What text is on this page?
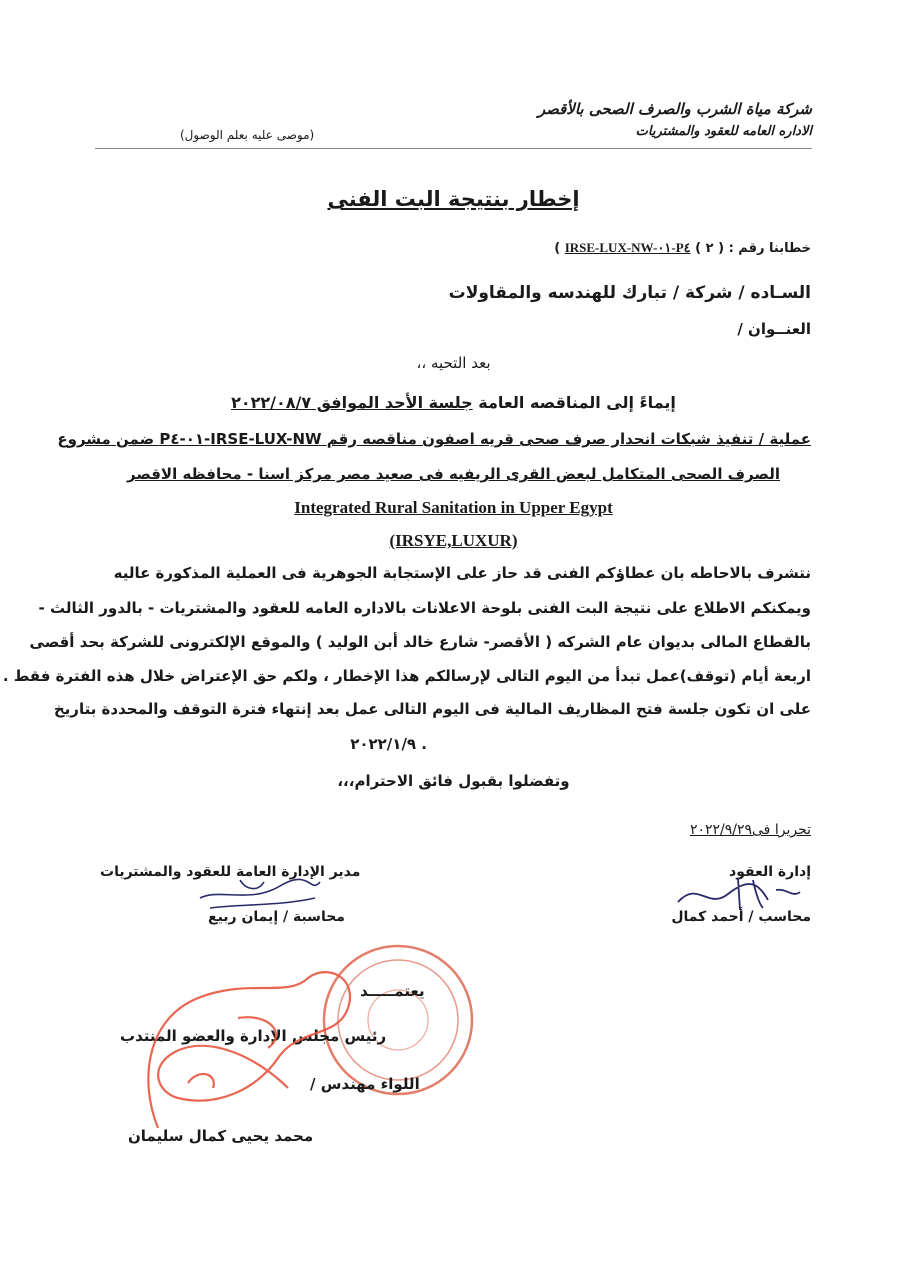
شركة مياة الشرب والصرف الصحى بالأقصر
الاداره العامه للعقود والمشتريات
(موصى عليه بعلم الوصول)
إخطار بنتيجة البت الفنى
خطابنا رقم : ( ٢ ) IRSE-LUX-NW-٠١-P٤ )
السـاده / شركة / تبارك للهندسه والمقاولات
العنــوان /
بعد التحيه ،،
إيماءً إلى المناقصه العامة جلسة الأحد الموافق ٢٠٢٢/٠٨/٧
عملية / تنفيذ شبكات انحدار صرف صحى قريه اصفون مناقصه رقم IRSE-LUX-NW-٠١-P٤ ضمن مشروع
الصرف الصحى المتكامل لبعض القرى الريفيه فى صعيد مصر مركز اسنا - محافظه الاقصر
Integrated Rural Sanitation in Upper Egypt
(IRSYE,LUXUR)
نتشرف بالاحاطه بان عطاؤكم الفنى قد حاز على الإستجابة الجوهرية فى العملية المذكورة عاليه
ويمكنكم الاطلاع على نتيجة البت الفنى بلوحة الاعلانات بالاداره العامه للعقود والمشتريات - بالدور الثالث -
بالقطاع المالى بديوان عام الشركه ( الأقصر- شارع خالد أبن الوليد ) والموقع الإلكترونى للشركة بحد أقصى
اربعة أيام (توقف)عمل تبدأ من اليوم التالى لإرسالكم هذا الإخطار ، ولكم حق الإعتراض خلال هذه الفترة فقط .
على ان تكون جلسة فتح المظاريف المالية فى اليوم التالى عمل بعد إنتهاء فترة التوقف والمحددة بتاريخ
٢٠٢٢/١/٩ .
وتفضلوا بقبول فائق الاحترام،،،
تحريرا فى٢٠٢٢/٩/٢٩
إدارة العقود
محاسب / أحمد كمال
مدير الإدارة العامة للعقود والمشتريات
محاسبة / إيمان ربيع
يعتمـــــد
رئيس مجلس الإدارة والعضو المنتدب
اللواء مهندس /
محمد يحيى كمال سليمان
